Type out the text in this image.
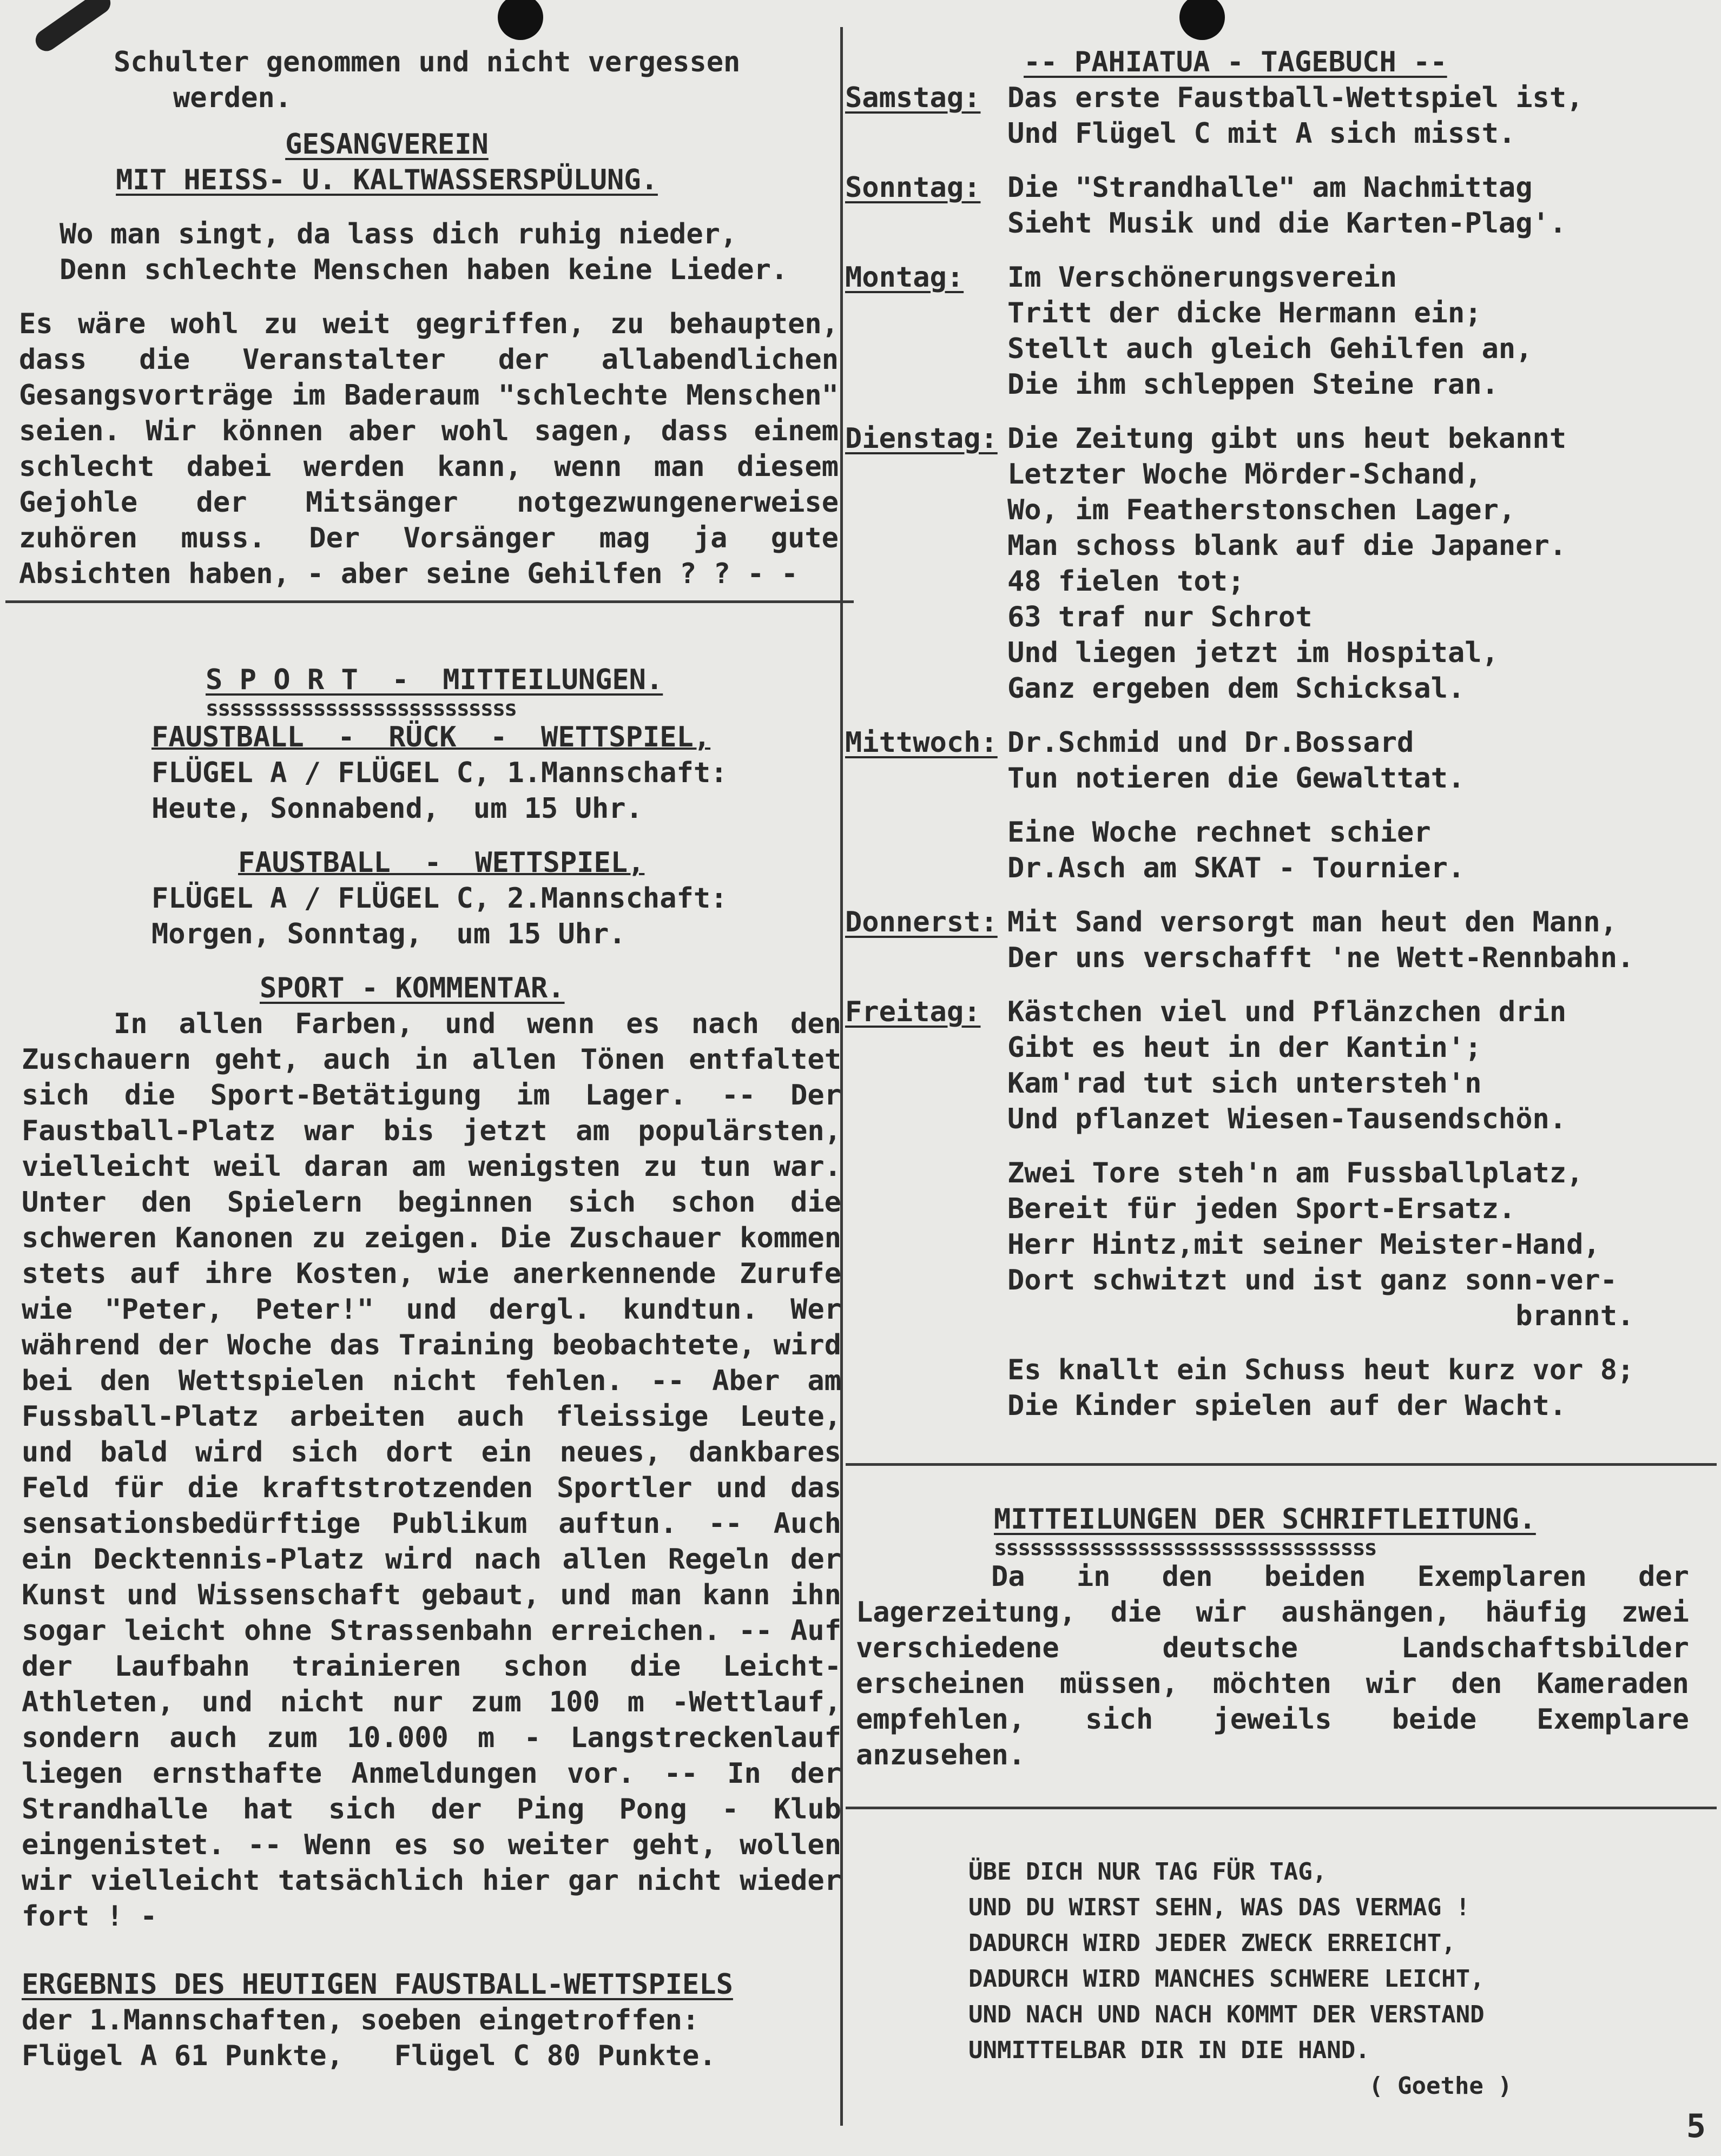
Schulter genommen und nicht vergessen

werden.

GESANGVEREIN

MIT HEISS- U. KALTWASSERSPÜLUNG.

Wo man singt, da lass dich ruhig nieder,

Denn schlechte Menschen haben keine Lieder.

Es wäre wohl zu weit gegriffen, zu behaupten, dass die Veranstalter der allabendlichen Gesangsvorträge im Baderaum "schlechte Menschen" seien. Wir können aber wohl sagen, dass einem schlecht dabei werden kann, wenn man diesem Gejohle der Mitsänger notgezwungenerweise zuhören muss. Der Vorsänger mag ja gute Absichten haben, - aber seine Gehilfen ? ? - -

S P O R T  -  MITTEILUNGEN.

ssssssssssssssssssssssssss

FAUSTBALL  -  RÜCK  -  WETTSPIEL,

FLÜGEL A / FLÜGEL C, 1.Mannschaft:

Heute, Sonnabend,  um 15 Uhr.

FAUSTBALL  -  WETTSPIEL,

FLÜGEL A / FLÜGEL C, 2.Mannschaft:

Morgen, Sonntag,  um 15 Uhr.

SPORT - KOMMENTAR.

In allen Farben, und wenn es nach den Zuschauern geht, auch in allen Tönen entfaltet sich die Sport-Betätigung im Lager. -- Der Faustball-Platz war bis jetzt am populärsten, vielleicht weil daran am wenigsten zu tun war. Unter den Spielern beginnen sich schon die schweren Kanonen zu zeigen. Die Zuschauer kommen stets auf ihre Kosten, wie anerkennende Zurufe wie "Peter, Peter!" und dergl. kundtun. Wer während der Woche das Training beobachtete, wird bei den Wettspielen nicht fehlen. -- Aber am Fussball-Platz arbeiten auch fleissige Leute, und bald wird sich dort ein neues, dankbares Feld für die kraftstrotzenden Sportler und das sensationsbedürftige Publikum auftun. -- Auch ein Decktennis-Platz wird nach allen Regeln der Kunst und Wissenschaft gebaut, und man kann ihn sogar leicht ohne Strassenbahn erreichen. -- Auf der Laufbahn trainieren schon die Leicht-Athleten, und nicht nur zum 100 m -Wettlauf, sondern auch zum 10.000 m - Langstreckenlauf liegen ernsthafte Anmeldungen vor. -- In der Strandhalle hat sich der Ping Pong - Klub eingenistet. -- Wenn es so weiter geht, wollen wir vielleicht tatsächlich hier gar nicht wieder fort ! -

ERGEBNIS DES HEUTIGEN FAUSTBALL-WETTSPIELS

der 1.Mannschaften, soeben eingetroffen:

Flügel A 61 Punkte,   Flügel C 80 Punkte.

-- PAHIATUA - TAGEBUCH --

Samstag: Das erste Faustball-Wettspiel ist,

Und Flügel C mit A sich misst.

Sonntag: Die "Strandhalle" am Nachmittag

Sieht Musik und die Karten-Plag'.

Montag: Im Verschönerungsverein

Tritt der dicke Hermann ein;

Stellt auch gleich Gehilfen an,

Die ihm schleppen Steine ran.

Dienstag: Die Zeitung gibt uns heut bekannt

Letzter Woche Mörder-Schand,

Wo, im Featherstonschen Lager,

Man schoss blank auf die Japaner.

48 fielen tot;

63 traf nur Schrot

Und liegen jetzt im Hospital,

Ganz ergeben dem Schicksal.

Mittwoch: Dr.Schmid und Dr.Bossard

Tun notieren die Gewalttat.

Eine Woche rechnet schier

Dr.Asch am SKAT - Tournier.

Donnerst: Mit Sand versorgt man heut den Mann,

Der uns verschafft 'ne Wett-Rennbahn.

Freitag: Kästchen viel und Pflänzchen drin

Gibt es heut in der Kantin';

Kam'rad tut sich untersteh'n

Und pflanzet Wiesen-Tausendschön.

Zwei Tore steh'n am Fussballplatz,

Bereit für jeden Sport-Ersatz.

Herr Hintz,mit seiner Meister-Hand,

Dort schwitzt und ist ganz sonn-ver-

brannt.

Es knallt ein Schuss heut kurz vor 8;

Die Kinder spielen auf der Wacht.

MITTEILUNGEN DER SCHRIFTLEITUNG.

ssssssssssssssssssssssssssssssss

Da in den beiden Exemplaren der Lagerzeitung, die wir aushängen, häufig zwei verschiedene deutsche Landschaftsbilder erscheinen müssen, möchten wir den Kameraden empfehlen, sich jeweils beide Exemplare anzusehen.

ÜBE DICH NUR TAG FÜR TAG,

UND DU WIRST SEHN, WAS DAS VERMAG !

DADURCH WIRD JEDER ZWECK ERREICHT,

DADURCH WIRD MANCHES SCHWERE LEICHT,

UND NACH UND NACH KOMMT DER VERSTAND

UNMITTELBAR DIR IN DIE HAND.

( Goethe )

5
